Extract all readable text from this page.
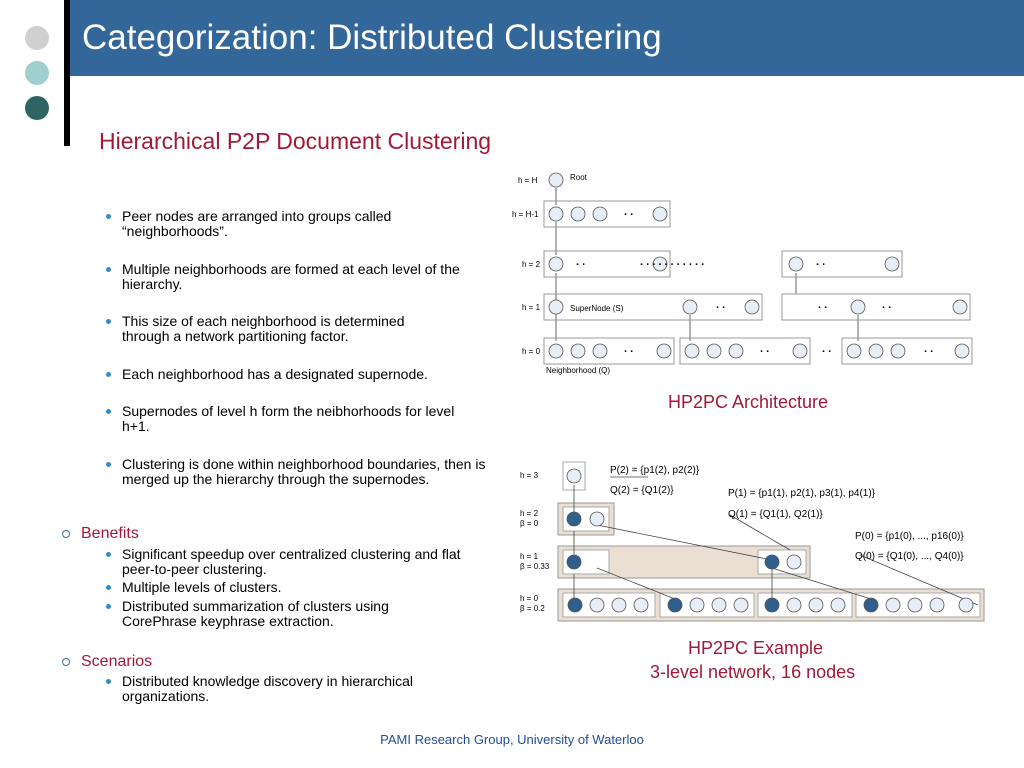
Categorization: Distributed Clustering
Hierarchical P2P Document Clustering
Peer nodes are arranged into groups called “neighborhoods”.
Multiple neighborhoods are formed at each level of the hierarchy.
This size of each neighborhood is determined through a network partitioning factor.
Each neighborhood has a designated supernode.
Supernodes of level h form the neibhorhoods for level h+1.
Clustering is done within neighborhood boundaries, then is merged up the hierarchy through the supernodes.
Benefits
Significant speedup over centralized clustering and flat peer-to-peer clustering.
Multiple levels of clusters.
Distributed summarization of clusters using CorePhrase keyphrase extraction.
Scenarios
Distributed knowledge discovery in hierarchical organizations.
h = H
h = H-1
h = 2
h = 1
h = 0
Root
SuperNode (S)
Neighborhood (Q)
. .
. .	. . . . . . . . . . .	. .
. .	. .	. .
. .	. .	. .	. .
HP2PC Architecture
h = 3
h = 2
β = 0
h = 1
β = 0.33
h = 0
β = 0.2
P(2) = {p1(2), p2(2)}
Q(2) = {Q1(2)}	P(1) = {p1(1), p2(1), p3(1), p4(1)}
Q(1) = {Q1(1), Q2(1)}
P(0) = {p1(0), ..., p16(0)}
Q(0) = {Q1(0), ..., Q4(0)}
HP2PC Example
3-level network, 16 nodes
PAMI Research Group, University of Waterloo
